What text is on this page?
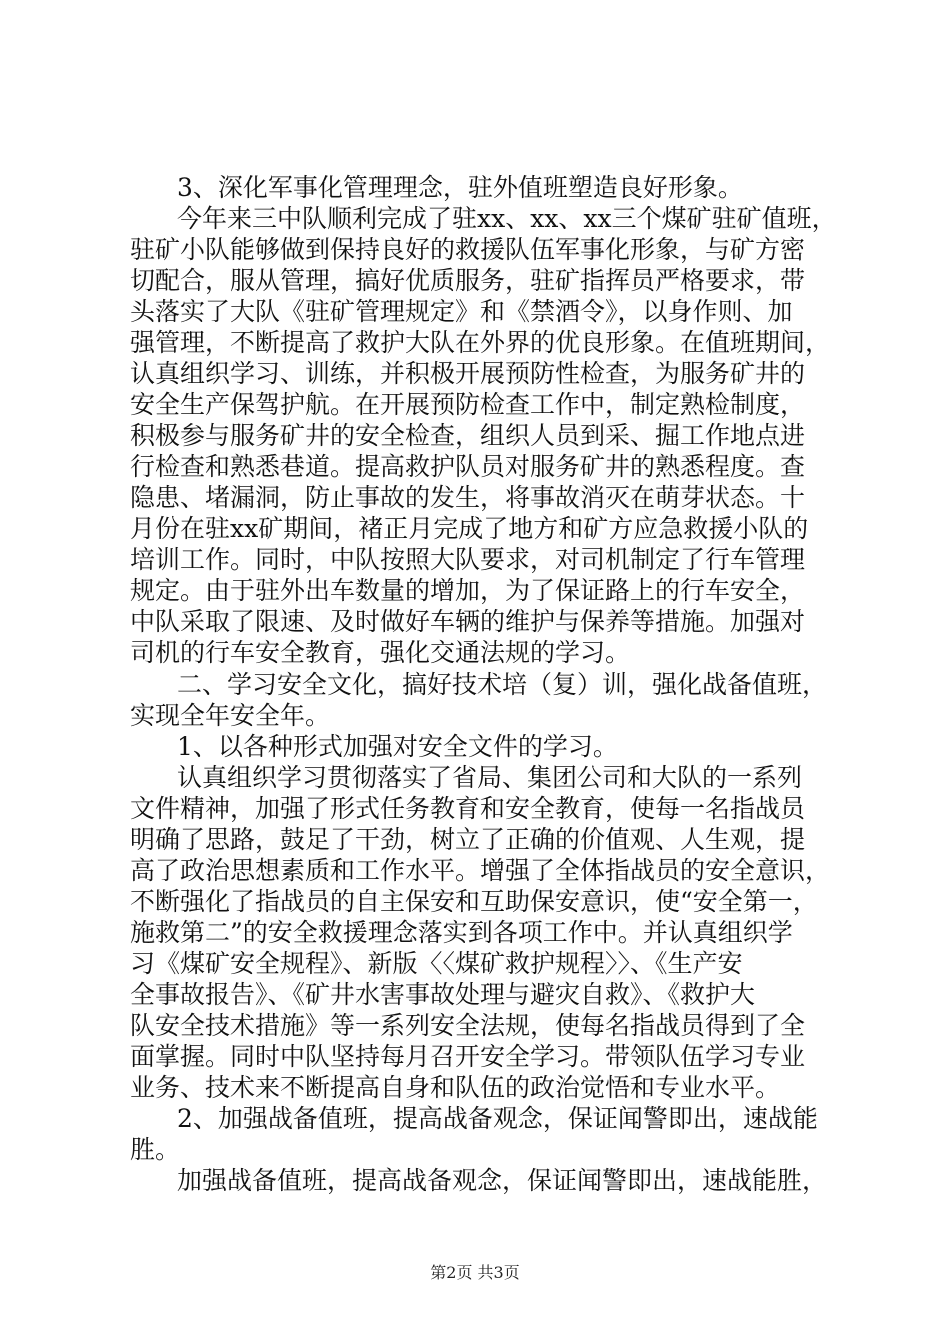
3、深化军事化管理理念，驻外值班塑造良好形象。
今年来三中队顺利完成了驻xx、xx、xx三个煤矿驻矿值班，
驻矿小队能够做到保持良好的救援队伍军事化形象，与矿方密
切配合，服从管理，搞好优质服务，驻矿指挥员严格要求，带
头落实了大队《驻矿管理规定》和《禁酒令》，以身作则、加
强管理，不断提高了救护大队在外界的优良形象。在值班期间，
认真组织学习、训练，并积极开展预防性检查，为服务矿井的
安全生产保驾护航。在开展预防检查工作中，制定熟检制度，
积极参与服务矿井的安全检查，组织人员到采、掘工作地点进
行检查和熟悉巷道。提高救护队员对服务矿井的熟悉程度。查
隐患、堵漏洞，防止事故的发生，将事故消灭在萌芽状态。十
月份在驻xx矿期间，褚正月完成了地方和矿方应急救援小队的
培训工作。同时，中队按照大队要求，对司机制定了行车管理
规定。由于驻外出车数量的增加，为了保证路上的行车安全，
中队采取了限速、及时做好车辆的维护与保养等措施。加强对
司机的行车安全教育，强化交通法规的学习。
二、学习安全文化，搞好技术培（复）训，强化战备值班，
实现全年安全年。
1、以各种形式加强对安全文件的学习。
认真组织学习贯彻落实了省局、集团公司和大队的一系列
文件精神，加强了形式任务教育和安全教育，使每一名指战员
明确了思路，鼓足了干劲，树立了正确的价值观、人生观，提
高了政治思想素质和工作水平。增强了全体指战员的安全意识，
不断强化了指战员的自主保安和互助保安意识，使“安全第一，
施救第二”的安全救援理念落实到各项工作中。并认真组织学
习《煤矿安全规程》、新版〈〈煤矿救护规程〉〉、《生产安
全事故报告》、《矿井水害事故处理与避灾自救》、《救护大
队安全技术措施》等一系列安全法规，使每名指战员得到了全
面掌握。同时中队坚持每月召开安全学习。带领队伍学习专业
业务、技术来不断提高自身和队伍的政治觉悟和专业水平。
2、加强战备值班，提高战备观念，保证闻警即出，速战能
胜。
加强战备值班，提高战备观念，保证闻警即出，速战能胜，
第2页 共3页
